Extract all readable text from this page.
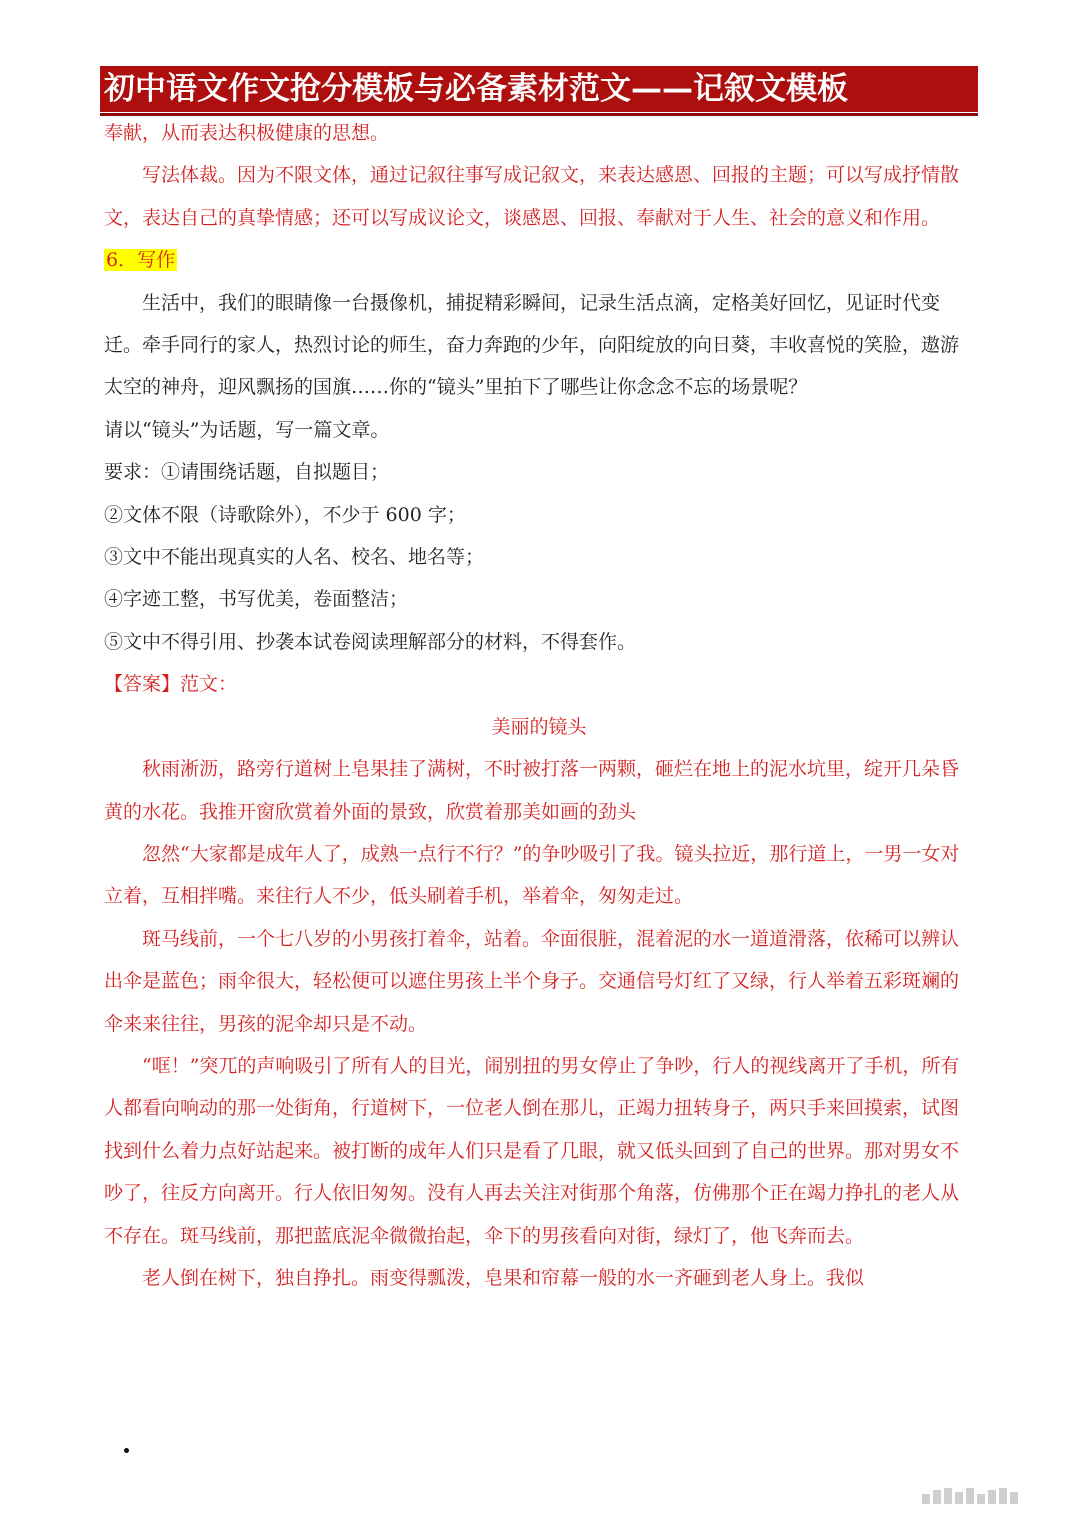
初中语文作文抢分模板与必备素材范文——记叙文模板

奉献，从而表达积极健康的思想。

写法体裁。因为不限文体，通过记叙往事写成记叙文，来表达感恩、回报的主题；可以写成抒情散文，表达自己的真挚情感；还可以写成议论文，谈感恩、回报、奉献对于人生、社会的意义和作用。

6．写作

生活中，我们的眼睛像一台摄像机，捕捉精彩瞬间，记录生活点滴，定格美好回忆，见证时代变迁。牵手同行的家人，热烈讨论的师生，奋力奔跑的少年，向阳绽放的向日葵，丰收喜悦的笑脸，遨游太空的神舟，迎风飘扬的国旗……你的“镜头”里拍下了哪些让你念念不忘的场景呢？

请以“镜头”为话题，写一篇文章。

要求：①请围绕话题，自拟题目；

②文体不限（诗歌除外），不少于 600 字；

③文中不能出现真实的人名、校名、地名等；

④字迹工整，书写优美，卷面整洁；

⑤文中不得引用、抄袭本试卷阅读理解部分的材料，不得套作。

【答案】范文：

美丽的镜头

秋雨淅沥，路旁行道树上皂果挂了满树，不时被打落一两颗，砸烂在地上的泥水坑里，绽开几朵昏黄的水花。我推开窗欣赏着外面的景致，欣赏着那美如画的劲头

忽然“大家都是成年人了，成熟一点行不行？”的争吵吸引了我。镜头拉近，那行道上，一男一女对立着，互相拌嘴。来往行人不少，低头刷着手机，举着伞，匆匆走过。

斑马线前，一个七八岁的小男孩打着伞，站着。伞面很脏，混着泥的水一道道滑落，依稀可以辨认出伞是蓝色；雨伞很大，轻松便可以遮住男孩上半个身子。交通信号灯红了又绿，行人举着五彩斑斓的伞来来往往，男孩的泥伞却只是不动。

“哐！”突兀的声响吸引了所有人的目光，闹别扭的男女停止了争吵，行人的视线离开了手机，所有人都看向响动的那一处街角，行道树下，一位老人倒在那儿，正竭力扭转身子，两只手来回摸索，试图找到什么着力点好站起来。被打断的成年人们只是看了几眼，就又低头回到了自己的世界。那对男女不吵了，往反方向离开。行人依旧匆匆。没有人再去关注对街那个角落，仿佛那个正在竭力挣扎的老人从不存在。斑马线前，那把蓝底泥伞微微抬起，伞下的男孩看向对街，绿灯了，他飞奔而去。

老人倒在树下，独自挣扎。雨变得瓢泼，皂果和帘幕一般的水一齐砸到老人身上。我似
